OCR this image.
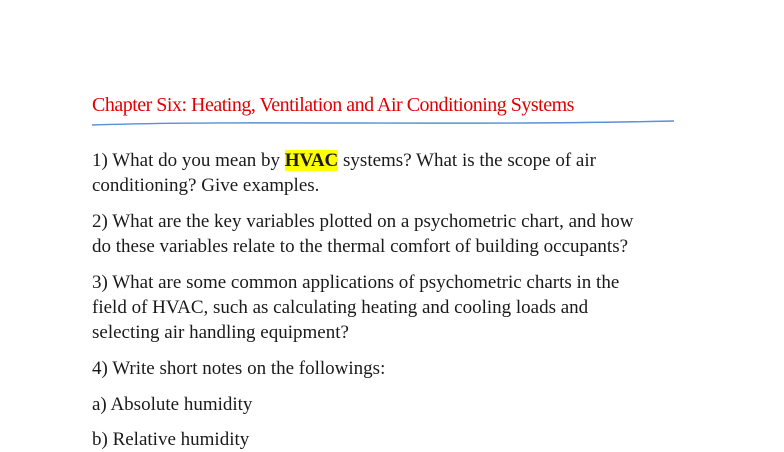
Chapter Six: Heating, Ventilation and Air Conditioning Systems

1) What do you mean by HVAC systems? What is the scope of air

conditioning? Give examples.

2) What are the key variables plotted on a psychometric chart, and how

do these variables relate to the thermal comfort of building occupants?

3) What are some common applications of psychometric charts in the

field of HVAC, such as calculating heating and cooling loads and

selecting air handling equipment?

4) Write short notes on the followings:

a) Absolute humidity

b) Relative humidity
